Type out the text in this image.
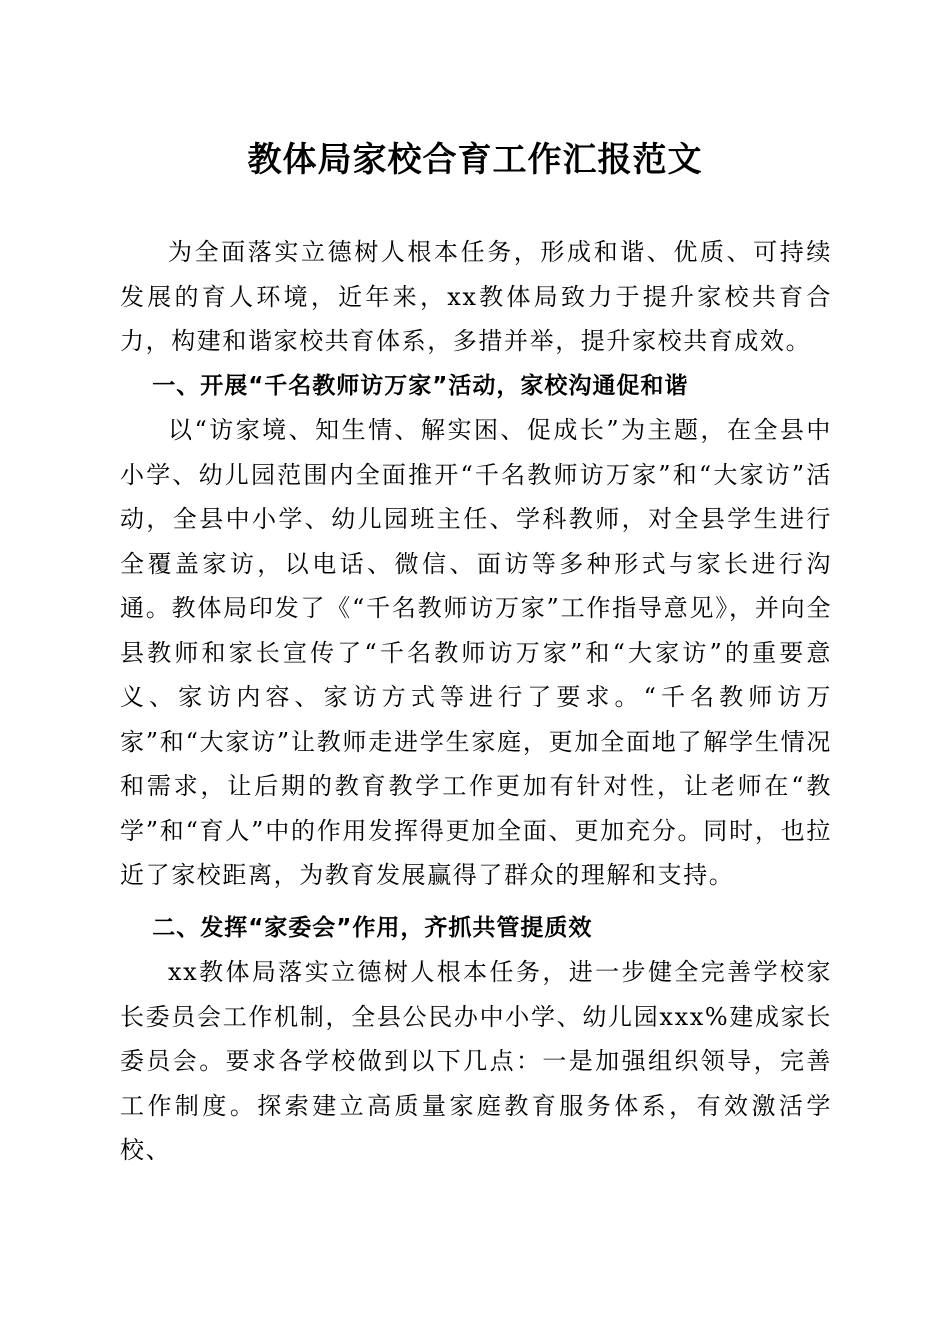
教体局家校合育工作汇报范文

为全面落实立德树人根本任务，形成和谐、优质、可持续发展的育人环境，近年来，xx教体局致力于提升家校共育合力，构建和谐家校共育体系，多措并举，提升家校共育成效。

一、开展“千名教师访万家”活动，家校沟通促和谐

以“访家境、知生情、解实困、促成长”为主题，在全县中小学、幼儿园范围内全面推开“千名教师访万家”和“大家访”活动，全县中小学、幼儿园班主任、学科教师，对全县学生进行全覆盖家访，以电话、微信、面访等多种形式与家长进行沟通。教体局印发了《“千名教师访万家”工作指导意见》，并向全县教师和家长宣传了“千名教师访万家”和“大家访”的重要意义、家访内容、家访方式等进行了要求。“千名教师访万家”和“大家访”让教师走进学生家庭，更加全面地了解学生情况和需求，让后期的教育教学工作更加有针对性，让老师在“教学”和“育人”中的作用发挥得更加全面、更加充分。同时，也拉近了家校距离，为教育发展赢得了群众的理解和支持。

二、发挥“家委会”作用，齐抓共管提质效

xx教体局落实立德树人根本任务，进一步健全完善学校家长委员会工作机制，全县公民办中小学、幼儿园xxx%建成家长委员会。要求各学校做到以下几点：一是加强组织领导，完善工作制度。探索建立高质量家庭教育服务体系，有效激活学校、
